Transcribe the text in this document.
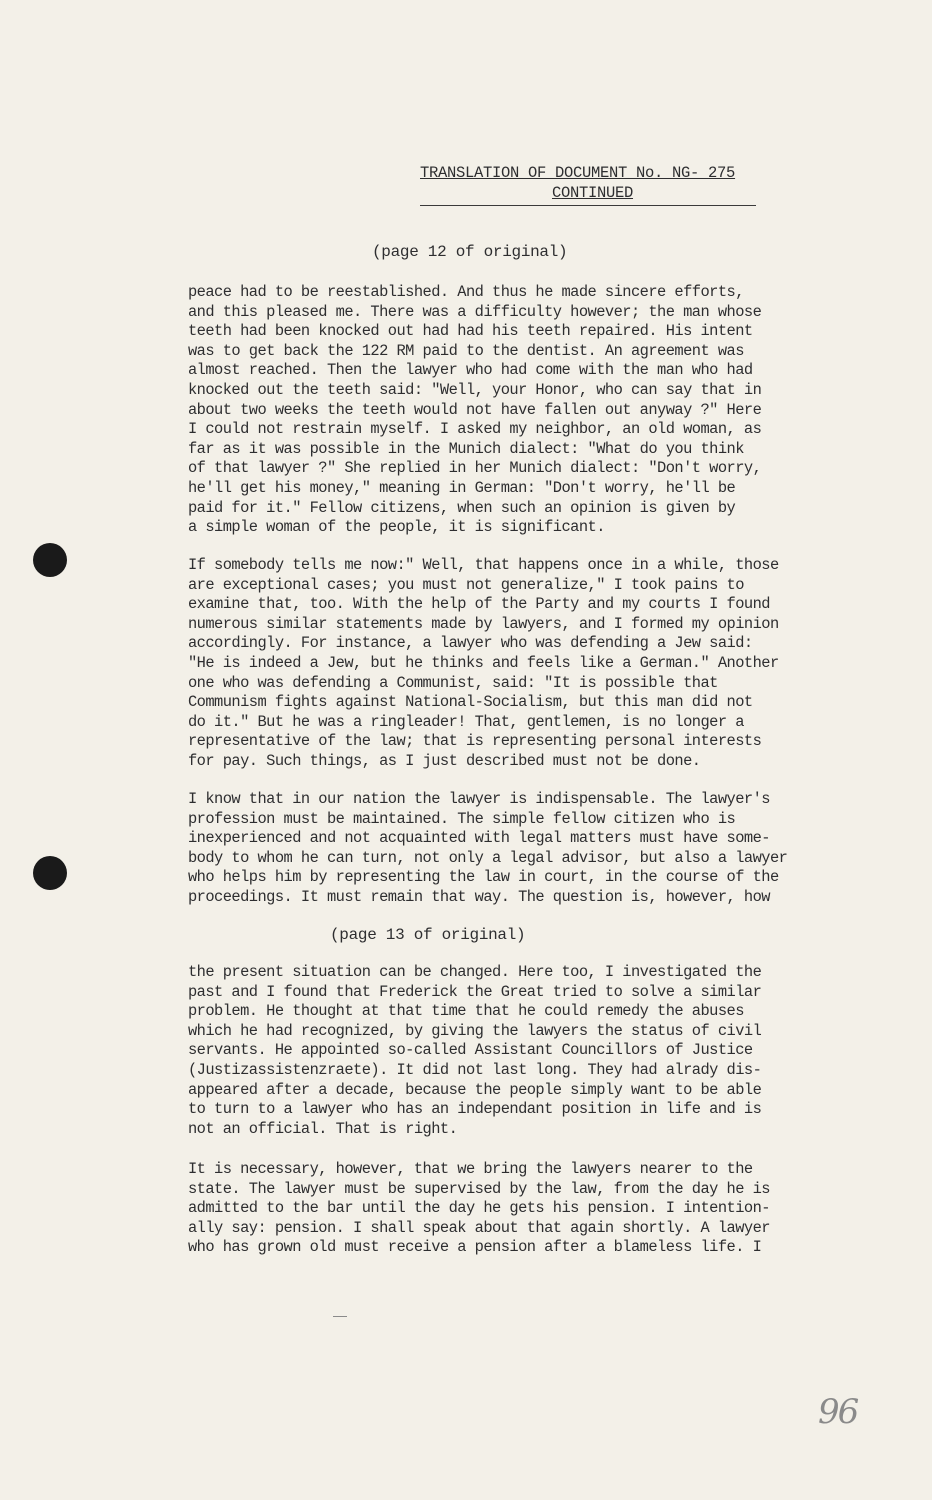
TRANSLATION OF DOCUMENT No. NG- 275
CONTINUED
(page 12 of original)
peace had to be reestablished. And thus he made sincere efforts,
and this pleased me. There was a difficulty however; the man whose
teeth had been knocked out had had his teeth repaired. His intent
was to get back the 122 RM paid to the dentist. An agreement was
almost reached. Then the lawyer who had come with the man who had
knocked out the teeth said: "Well, your Honor, who can say that in
about two weeks the teeth would not have fallen out anyway ?" Here
I could not restrain myself. I asked my neighbor, an old woman, as
far as it was possible in the Munich dialect: "What do you think
of that lawyer ?" She replied in her Munich dialect: "Don't worry,
he'll get his money," meaning in German: "Don't worry, he'll be
paid for it." Fellow citizens, when such an opinion is given by
a simple woman of the people, it is significant.
If somebody tells me now:" Well, that happens once in a while, those
are exceptional cases; you must not generalize," I took pains to
examine that, too. With the help of the Party and my courts I found
numerous similar statements made by lawyers, and I formed my opinion
accordingly. For instance, a lawyer who was defending a Jew said:
"He is indeed a Jew, but he thinks and feels like a German." Another
one who was defending a Communist, said: "It is possible that
Communism fights against National-Socialism, but this man did not
do it." But he was a ringleader! That, gentlemen, is no longer a
representative of the law; that is representing personal interests
for pay. Such things, as I just described must not be done.
I know that in our nation the lawyer is indispensable. The lawyer's
profession must be maintained. The simple fellow citizen who is
inexperienced and not acquainted with legal matters must have some-
body to whom he can turn, not only a legal advisor, but also a lawyer
who helps him by representing the law in court, in the course of the
proceedings. It must remain that way. The question is, however, how
(page 13 of original)
the present situation can be changed. Here too, I investigated the
past and I found that Frederick the Great tried to solve a similar
problem. He thought at that time that he could remedy the abuses
which he had recognized, by giving the lawyers the status of civil
servants. He appointed so-called Assistant Councillors of Justice
(Justizassistenzraete). It did not last long. They had alrady dis-
appeared after a decade, because the people simply want to be able
to turn to a lawyer who has an independant position in life and is
not an official. That is right.
It is necessary, however, that we bring the lawyers nearer to the
state. The lawyer must be supervised by the law, from the day he is
admitted to the bar until the day he gets his pension. I intention-
ally say: pension. I shall speak about that again shortly. A lawyer
who has grown old must receive a pension after a blameless life. I
96
